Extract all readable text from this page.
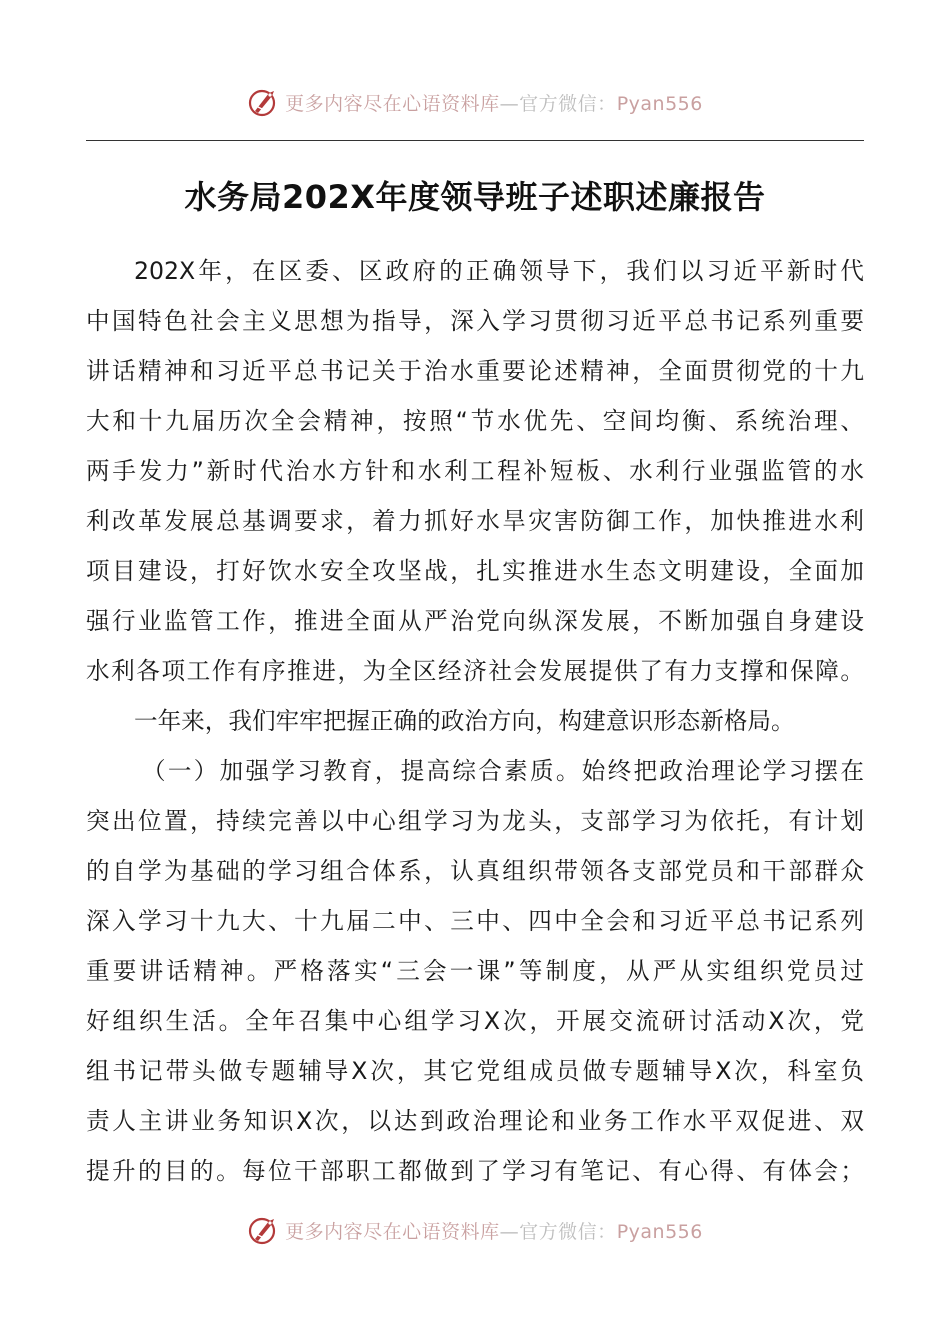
更多内容尽在心语资料库—官方微信：Pyan556
水务局202X年度领导班子述职述廉报告
202X年，在区委、区政府的正确领导下，我们以习近平新时代
中国特色社会主义思想为指导，深入学习贯彻习近平总书记系列重要
讲话精神和习近平总书记关于治水重要论述精神，全面贯彻党的十九
大和十九届历次全会精神，按照“节水优先、空间均衡、系统治理、
两手发力”新时代治水方针和水利工程补短板、水利行业强监管的水
利改革发展总基调要求，着力抓好水旱灾害防御工作，加快推进水利
项目建设，打好饮水安全攻坚战，扎实推进水生态文明建设，全面加
强行业监管工作，推进全面从严治党向纵深发展，不断加强自身建设
水利各项工作有序推进，为全区经济社会发展提供了有力支撑和保障。
一年来，我们牢牢把握正确的政治方向，构建意识形态新格局。
（一）加强学习教育，提高综合素质。始终把政治理论学习摆在
突出位置，持续完善以中心组学习为龙头，支部学习为依托，有计划
的自学为基础的学习组合体系，认真组织带领各支部党员和干部群众
深入学习十九大、十九届二中、三中、四中全会和习近平总书记系列
重要讲话精神。严格落实“三会一课”等制度，从严从实组织党员过
好组织生活。全年召集中心组学习X次，开展交流研讨活动X次，党
组书记带头做专题辅导X次，其它党组成员做专题辅导X次，科室负
责人主讲业务知识X次，以达到政治理论和业务工作水平双促进、双
提升的目的。每位干部职工都做到了学习有笔记、有心得、有体会；
更多内容尽在心语资料库—官方微信：Pyan556
